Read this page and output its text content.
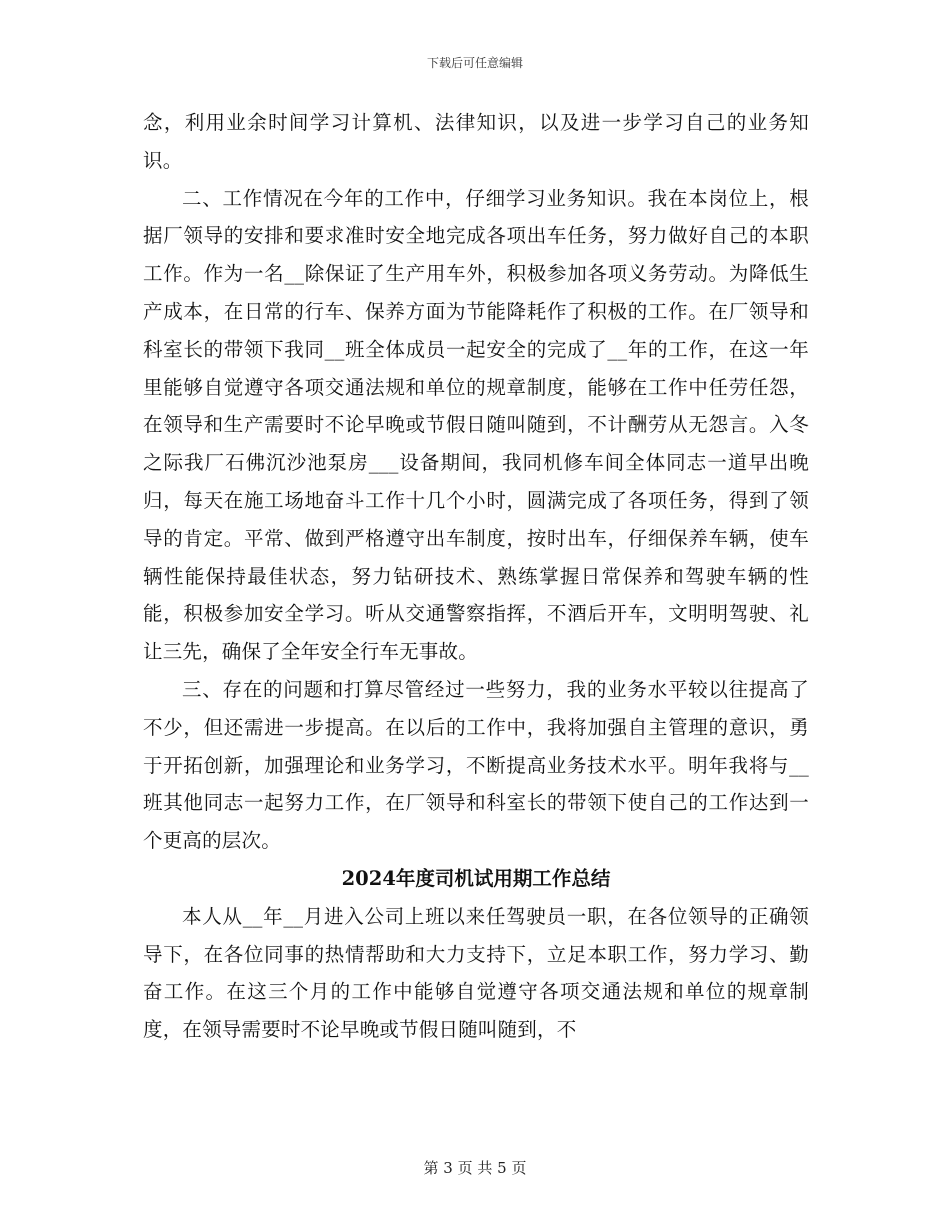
下载后可任意编辑

念，利用业余时间学习计算机、法律知识，以及进一步学习自己的业务知识。

二、工作情况在今年的工作中，仔细学习业务知识。我在本岗位上，根据厂领导的安排和要求准时安全地完成各项出车任务，努力做好自己的本职工作。作为一名__除保证了生产用车外，积极参加各项义务劳动。为降低生产成本，在日常的行车、保养方面为节能降耗作了积极的工作。在厂领导和科室长的带领下我同__班全体成员一起安全的完成了__年的工作，在这一年里能够自觉遵守各项交通法规和单位的规章制度，能够在工作中任劳任怨，在领导和生产需要时不论早晚或节假日随叫随到，不计酬劳从无怨言。入冬之际我厂石佛沉沙池泵房___设备期间，我同机修车间全体同志一道早出晚归，每天在施工场地奋斗工作十几个小时，圆满完成了各项任务，得到了领导的肯定。平常、做到严格遵守出车制度，按时出车，仔细保养车辆，使车辆性能保持最佳状态，努力钻研技术、熟练掌握日常保养和驾驶车辆的性能，积极参加安全学习。听从交通警察指挥，不酒后开车，文明明驾驶、礼让三先，确保了全年安全行车无事故。

三、存在的问题和打算尽管经过一些努力，我的业务水平较以往提高了不少，但还需进一步提高。在以后的工作中，我将加强自主管理的意识，勇于开拓创新，加强理论和业务学习，不断提高业务技术水平。明年我将与__班其他同志一起努力工作，在厂领导和科室长的带领下使自己的工作达到一个更高的层次。

2024年度司机试用期工作总结

本人从__年__月进入公司上班以来任驾驶员一职，在各位领导的正确领导下，在各位同事的热情帮助和大力支持下，立足本职工作，努力学习、勤奋工作。在这三个月的工作中能够自觉遵守各项交通法规和单位的规章制度，在领导需要时不论早晚或节假日随叫随到，不

第 3 页 共 5 页
